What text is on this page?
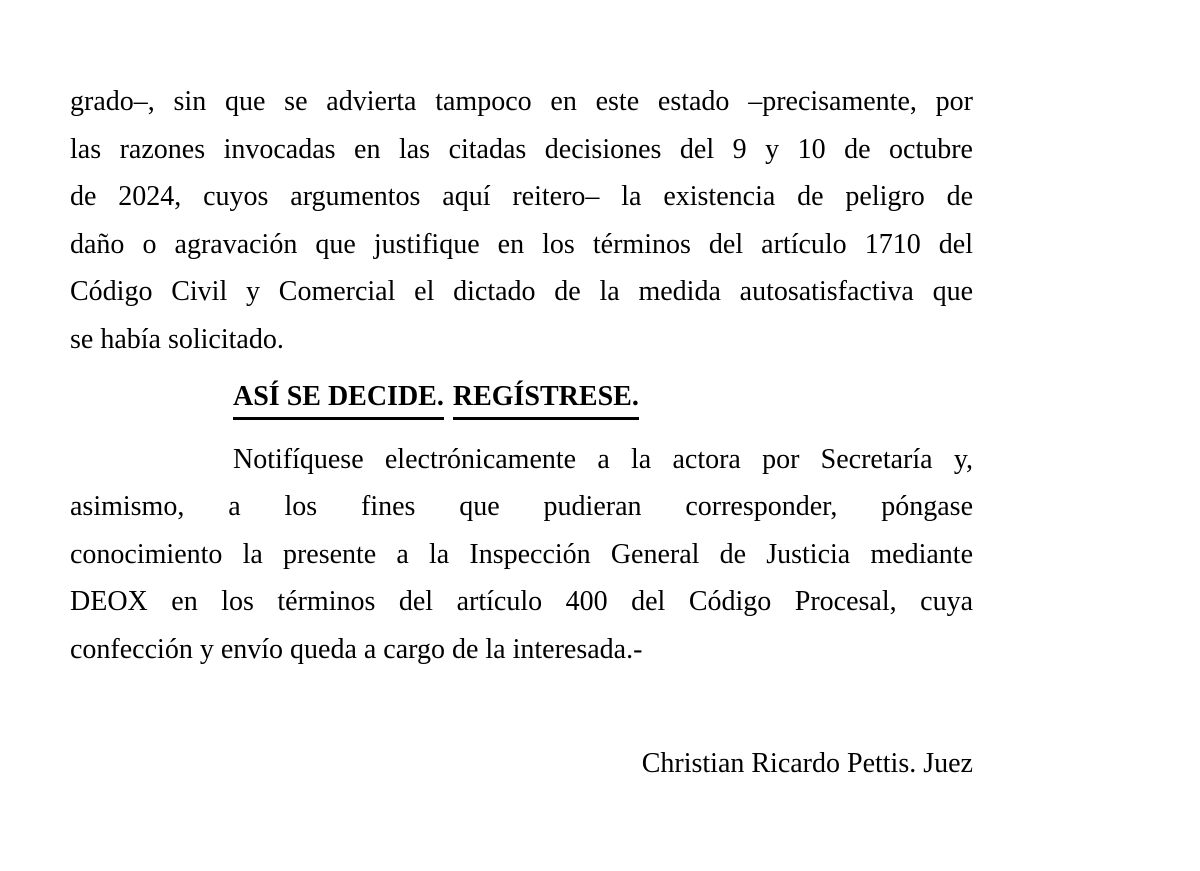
grado–, sin que se advierta tampoco en este estado –precisamente, por

las razones invocadas en las citadas decisiones del 9 y 10 de octubre

de 2024, cuyos argumentos aquí reitero– la existencia de peligro de

daño o agravación que justifique en los términos del artículo 1710 del

Código Civil y Comercial el dictado de la medida autosatisfactiva que

se había solicitado.

ASÍ SE DECIDE. REGÍSTRESE.

Notifíquese electrónicamente a la actora por Secretaría y,

asimismo, a los fines que pudieran corresponder, póngase

conocimiento la presente a la Inspección General de Justicia mediante

DEOX en los términos del artículo 400 del Código Procesal, cuya

confección y envío queda a cargo de la interesada.-

Christian Ricardo Pettis. Juez
